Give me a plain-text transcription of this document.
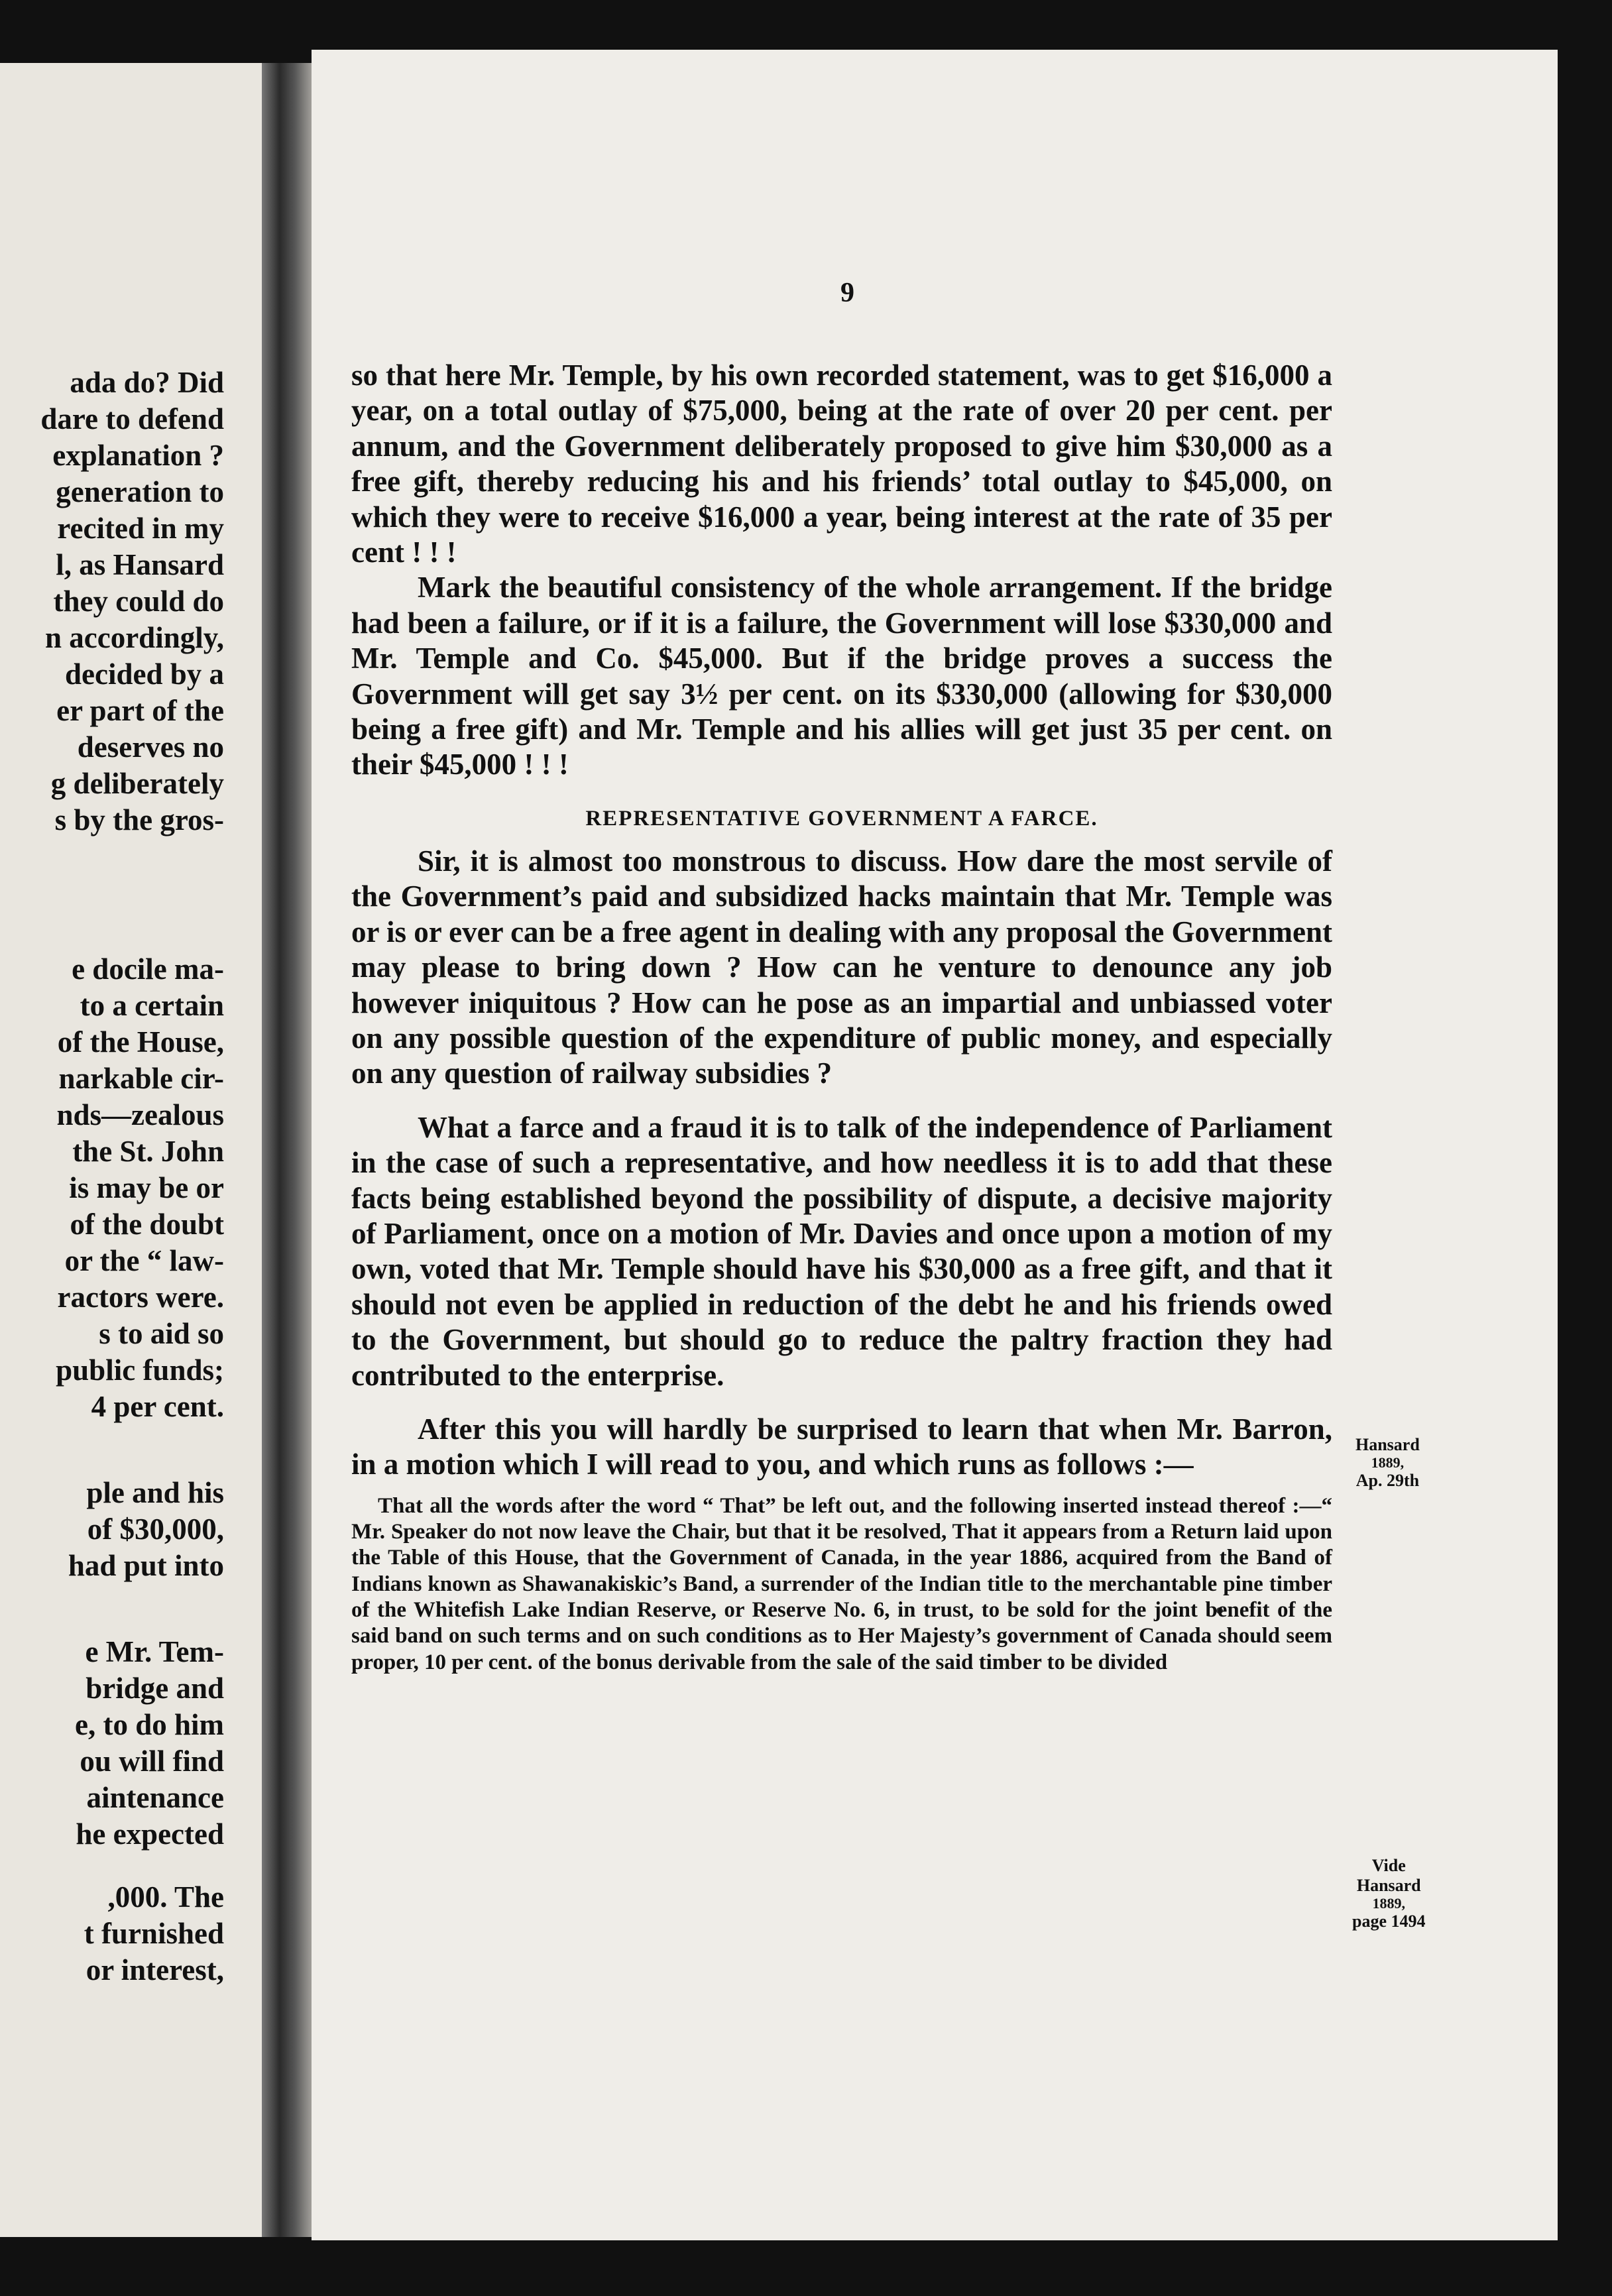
ada do? Did
dare to defend
explanation ?
generation to
recited in my
l, as Hansard
they could do
n accordingly,
decided by a
er part of the
deserves no
g deliberately
s by the gros-
e docile ma-
to a certain
of the House,
narkable cir-
nds—zealous
the St. John
is may be or
of the doubt
or the “ law-
ractors were.
s to aid so
public funds;
4 per cent.
ple and his
of $30,000,
had put into
e Mr. Tem-
bridge and
e, to do him
ou will find
aintenance
he expected
,000. The
t furnished
or interest,
9

so that here Mr. Temple, by his own recorded statement, was to get $16,000 a year, on a total outlay of $75,000, being at the rate of over 20 per cent. per annum, and the Government deliberately proposed to give him $30,000 as a free gift, thereby reducing his and his friends’ total outlay to $45,000, on which they were to receive $16,000 a year, being interest at the rate of 35 per cent ! ! !

Mark the beautiful consistency of the whole arrangement. If the bridge had been a failure, or if it is a failure, the Government will lose $330,000 and Mr. Temple and Co. $45,000. But if the bridge proves a success the Government will get say 3½ per cent. on its $330,000 (allowing for $30,000 being a free gift) and Mr. Temple and his allies will get just 35 per cent. on their $45,000 ! ! !

REPRESENTATIVE GOVERNMENT A FARCE.

Sir, it is almost too monstrous to discuss. How dare the most servile of the Government’s paid and subsidized hacks maintain that Mr. Temple was or is or ever can be a free agent in dealing with any proposal the Government may please to bring down ? How can he venture to denounce any job however iniquitous ? How can he pose as an impartial and unbiassed voter on any possible question of the expenditure of public money, and especially on any question of railway subsidies ?

What a farce and a fraud it is to talk of the independence of Parliament in the case of such a representative, and how needless it is to add that these facts being established beyond the possibility of dispute, a decisive majority of Parliament, once on a motion of Mr. Davies and once upon a motion of my own, voted that Mr. Temple should have his $30,000 as a free gift, and that it should not even be applied in reduction of the debt he and his friends owed to the Government, but should go to reduce the paltry fraction they had contributed to the enterprise.

After this you will hardly be surprised to learn that when Mr. Barron, in a motion which I will read to you, and which runs as follows :—

That all the words after the word “ That” be left out, and the following inserted instead thereof :—“ Mr. Speaker do not now leave the Chair, but that it be resolved, That it appears from a Return laid upon the Table of this House, that the Government of Canada, in the year 1886, acquired from the Band of Indians known as Shawanakiskic’s Band, a surrender of the Indian title to the merchantable pine timber of the Whitefish Lake Indian Reserve, or Reserve No. 6, in trust, to be sold for the joint benefit of the said band on such terms and on such conditions as to Her Majesty’s government of Canada should seem proper, 10 per cent. of the bonus derivable from the sale of the said timber to be divided

Hansard
1889,
Ap. 29th
Vide
Hansard
1889,
page 1494
